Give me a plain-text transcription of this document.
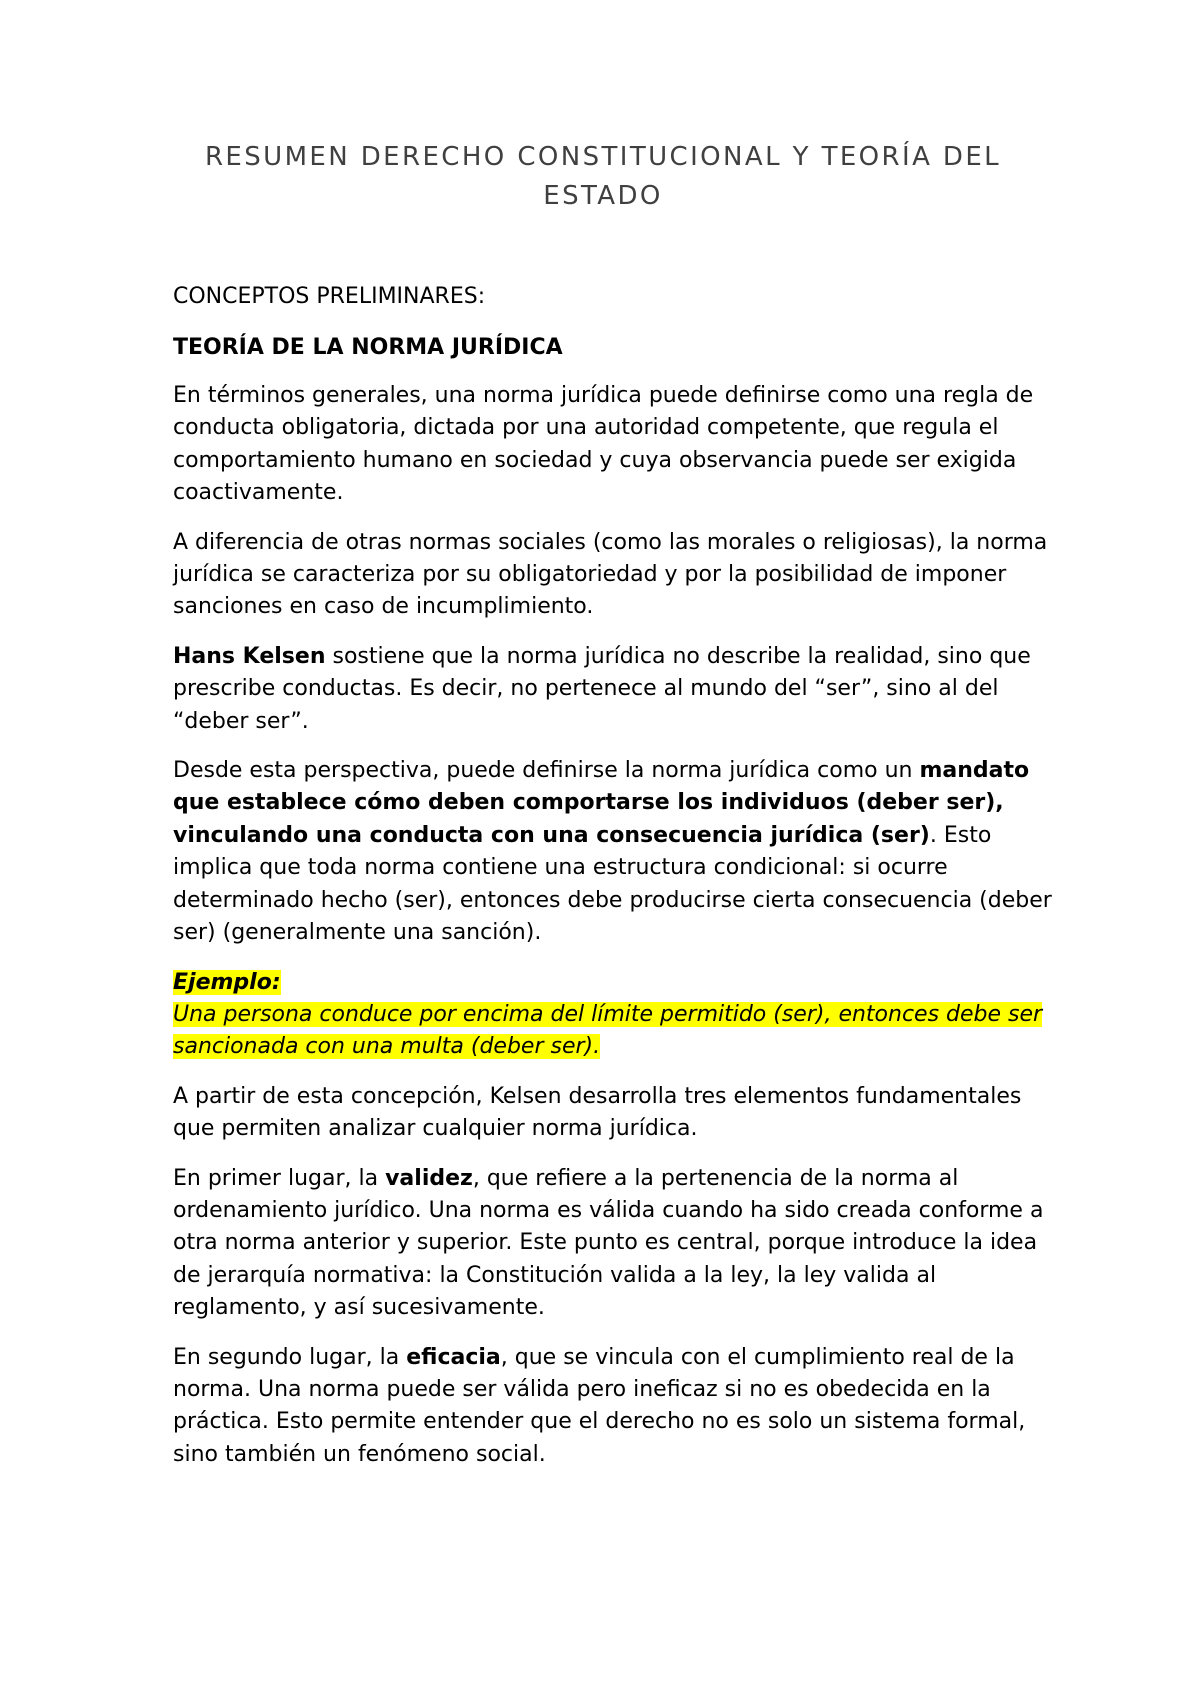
RESUMEN DERECHO CONSTITUCIONAL Y TEORÍA DEL ESTADO

CONCEPTOS PRELIMINARES:

TEORÍA DE LA NORMA JURÍDICA

En términos generales, una norma jurídica puede definirse como una regla de conducta obligatoria, dictada por una autoridad competente, que regula el comportamiento humano en sociedad y cuya observancia puede ser exigida coactivamente.

A diferencia de otras normas sociales (como las morales o religiosas), la norma jurídica se caracteriza por su obligatoriedad y por la posibilidad de imponer sanciones en caso de incumplimiento.

Hans Kelsen sostiene que la norma jurídica no describe la realidad, sino que prescribe conductas. Es decir, no pertenece al mundo del “ser”, sino al del “deber ser”.

Desde esta perspectiva, puede definirse la norma jurídica como un mandato que establece cómo deben comportarse los individuos (deber ser), vinculando una conducta con una consecuencia jurídica (ser). Esto implica que toda norma contiene una estructura condicional: si ocurre determinado hecho (ser), entonces debe producirse cierta consecuencia (deber ser) (generalmente una sanción).

Ejemplo:
Una persona conduce por encima del límite permitido (ser), entonces debe ser sancionada con una multa (deber ser).

A partir de esta concepción, Kelsen desarrolla tres elementos fundamentales que permiten analizar cualquier norma jurídica.

En primer lugar, la validez, que refiere a la pertenencia de la norma al ordenamiento jurídico. Una norma es válida cuando ha sido creada conforme a otra norma anterior y superior. Este punto es central, porque introduce la idea de jerarquía normativa: la Constitución valida a la ley, la ley valida al reglamento, y así sucesivamente.

En segundo lugar, la eficacia, que se vincula con el cumplimiento real de la norma. Una norma puede ser válida pero ineficaz si no es obedecida en la práctica. Esto permite entender que el derecho no es solo un sistema formal, sino también un fenómeno social.
